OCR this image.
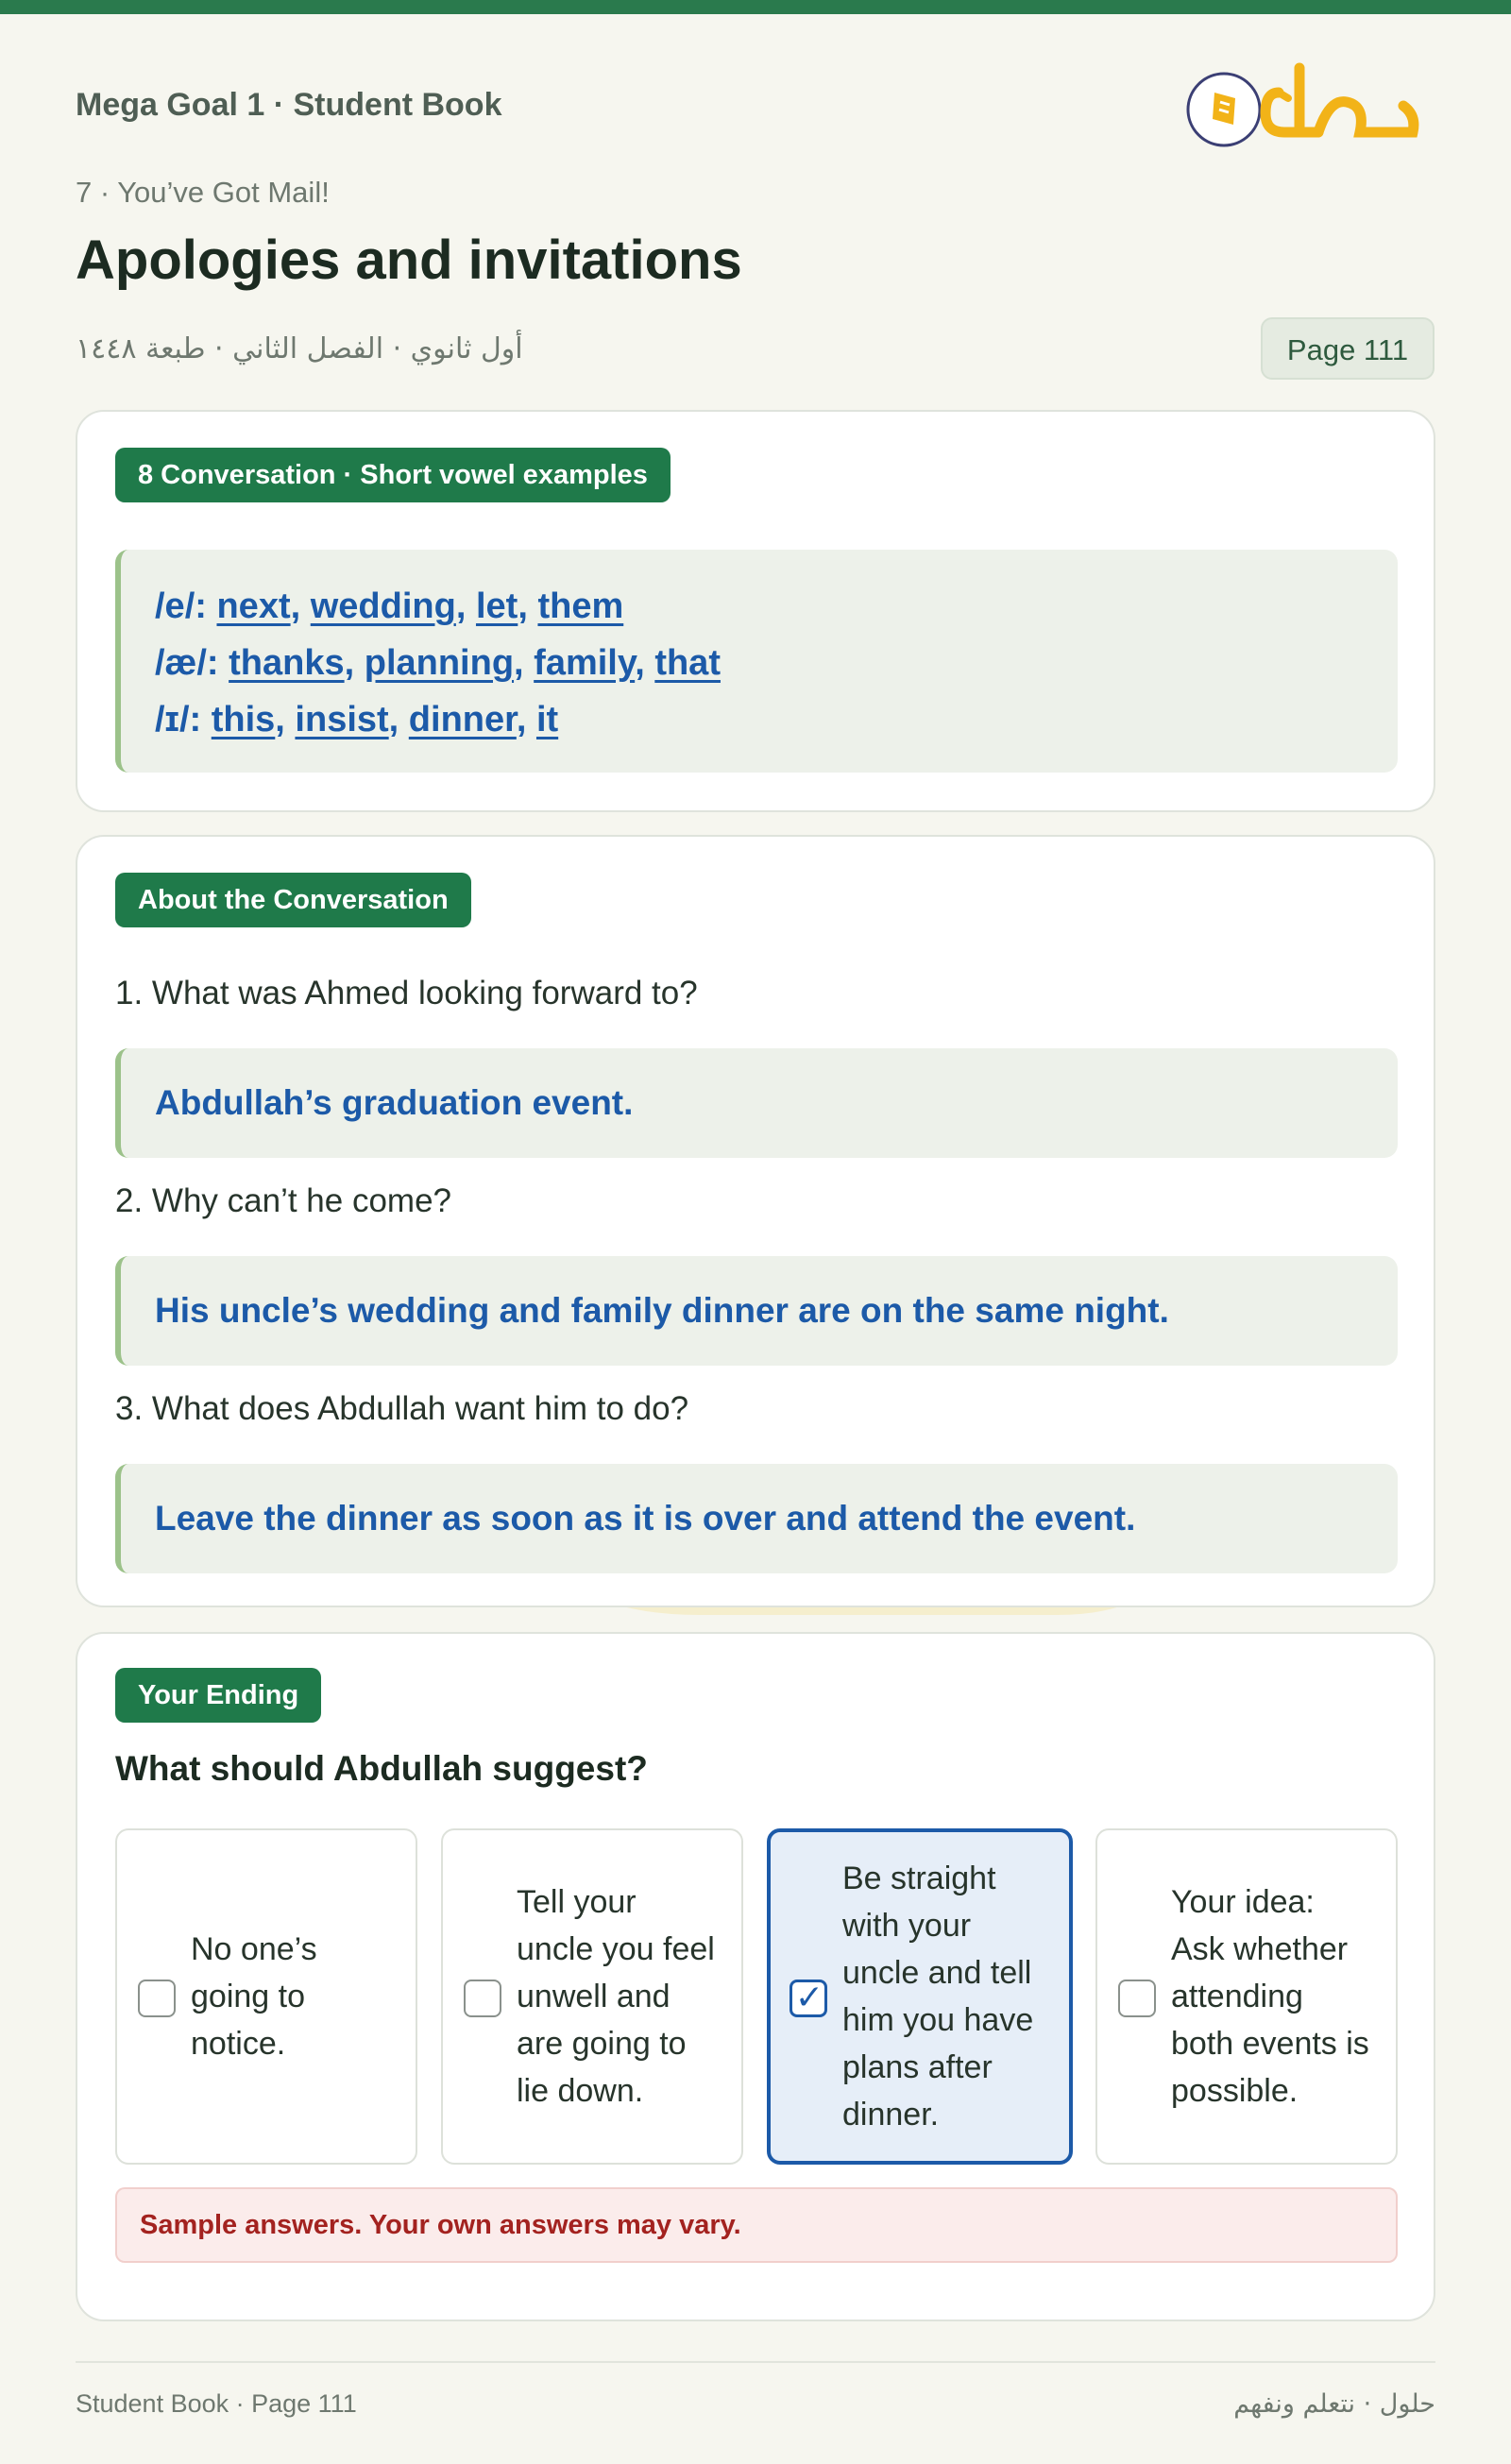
Mega Goal 1 · Student Book
حلول
7 · You’ve Got Mail!
Apologies and invitations
أول ثانوي · الفصل الثاني · طبعة ١٤٤٨	Page 111
8 Conversation · Short vowel examples
/e/: next, wedding, let, them
/æ/: thanks, planning, family, that
/ɪ/: this, insist, dinner, it
About the Conversation
1. What was Ahmed looking forward to?
Abdullah’s graduation event.
2. Why can’t he come?
His uncle’s wedding and family dinner are on the same night.
3. What does Abdullah want him to do?
Leave the dinner as soon as it is over and attend the event.
Your Ending
What should Abdullah suggest?
No one’s
going to
notice.
Tell your
uncle you feel
unwell and
are going to
lie down.
✓
Be straight
with your
uncle and tell
him you have
plans after
dinner.
Your idea:
Ask whether
attending
both events is
possible.
Sample answers. Your own answers may vary.
Student Book · Page 111	حلول · نتعلم ونفهم
